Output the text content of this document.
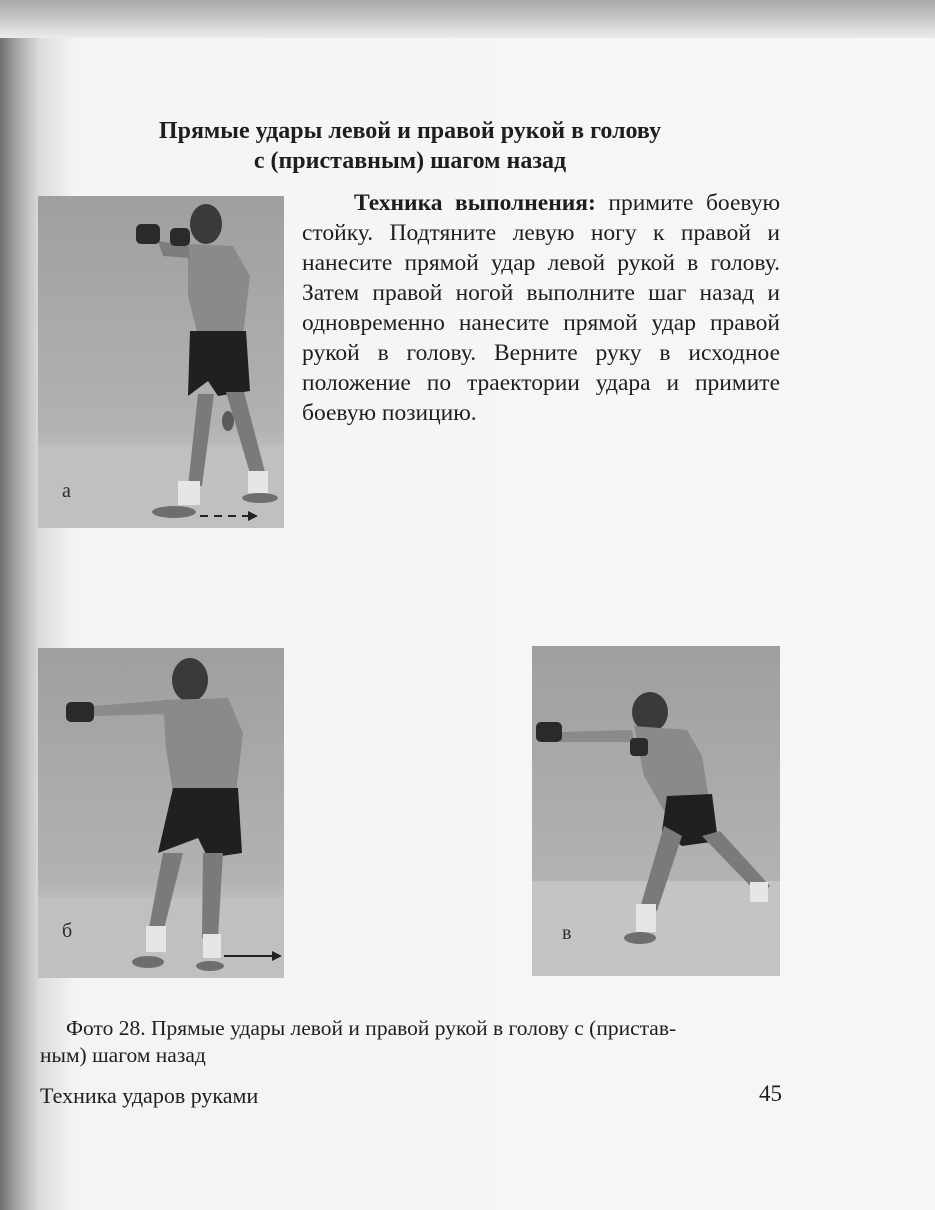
Прямые удары левой и правой рукой в голову
с (приставным) шагом назад

Техника выполнения: примите боевую стойку. Подтяните левую ногу к правой и нанесите прямой удар левой рукой в голову. Затем правой ногой выполните шаг назад и одновременно нанесите прямой удар правой рукой в голову. Верните руку в исходное положение по траектории удара и примите боевую позицию.

а
б	в

Фото 28. Прямые удары левой и правой рукой в голову с (пристав-
ным) шагом назад

Техника ударов руками	45
